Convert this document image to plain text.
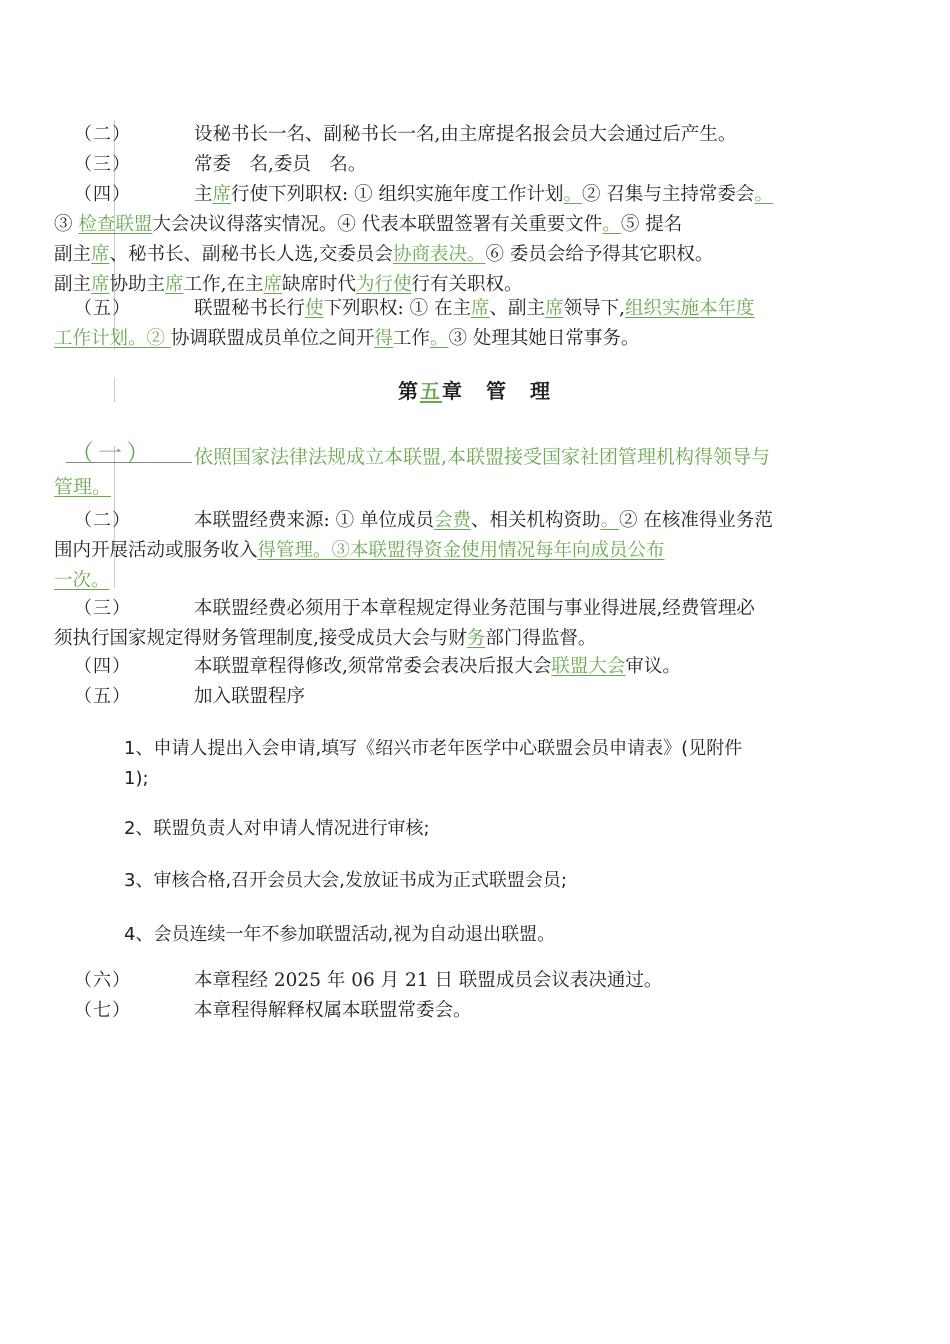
（二）	设秘书长一名、副秘书长一名,由主席提名报会员大会通过后产生。
（三）	常委　名,委员　名。
（四）	主席行使下列职权: ① 组织实施年度工作计划。② 召集与主持常委会。
③ 检查联盟大会决议得落实情况。④ 代表本联盟签署有关重要文件。⑤ 提名
副主席、秘书长、副秘书长人选,交委员会协商表决。⑥ 委员会给予得其它职权。
副主席协助主席工作,在主席缺席时代为行使行有关职权。
（五）	联盟秘书长行使下列职权: ① 在主席、副主席领导下,组织实施本年度
工作计划。② 协调联盟成员单位之间开得工作。③ 处理其她日常事务。
第五章　管　理
（一）	依照国家法律法规成立本联盟,本联盟接受国家社团管理机构得领导与
管理。
（二）	本联盟经费来源: ① 单位成员会费、相关机构资助。② 在核准得业务范
围内开展活动或服务收入得管理。③本联盟得资金使用情况每年向成员公布
一次。
（三）	本联盟经费必须用于本章程规定得业务范围与事业得进展,经费管理必
须执行国家规定得财务管理制度,接受成员大会与财务部门得监督。
（四）	本联盟章程得修改,须常常委会表决后报大会联盟大会审议。
（五）	加入联盟程序
1、申请人提出入会申请,填写《绍兴市老年医学中心联盟会员申请表》(见附件
1);
2、联盟负责人对申请人情况进行审核;
3、审核合格,召开会员大会,发放证书成为正式联盟会员;
4、会员连续一年不参加联盟活动,视为自动退出联盟。
（六）	本章程经 2025 年 06 月 21 日 联盟成员会议表决通过。
（七）	本章程得解释权属本联盟常委会。
